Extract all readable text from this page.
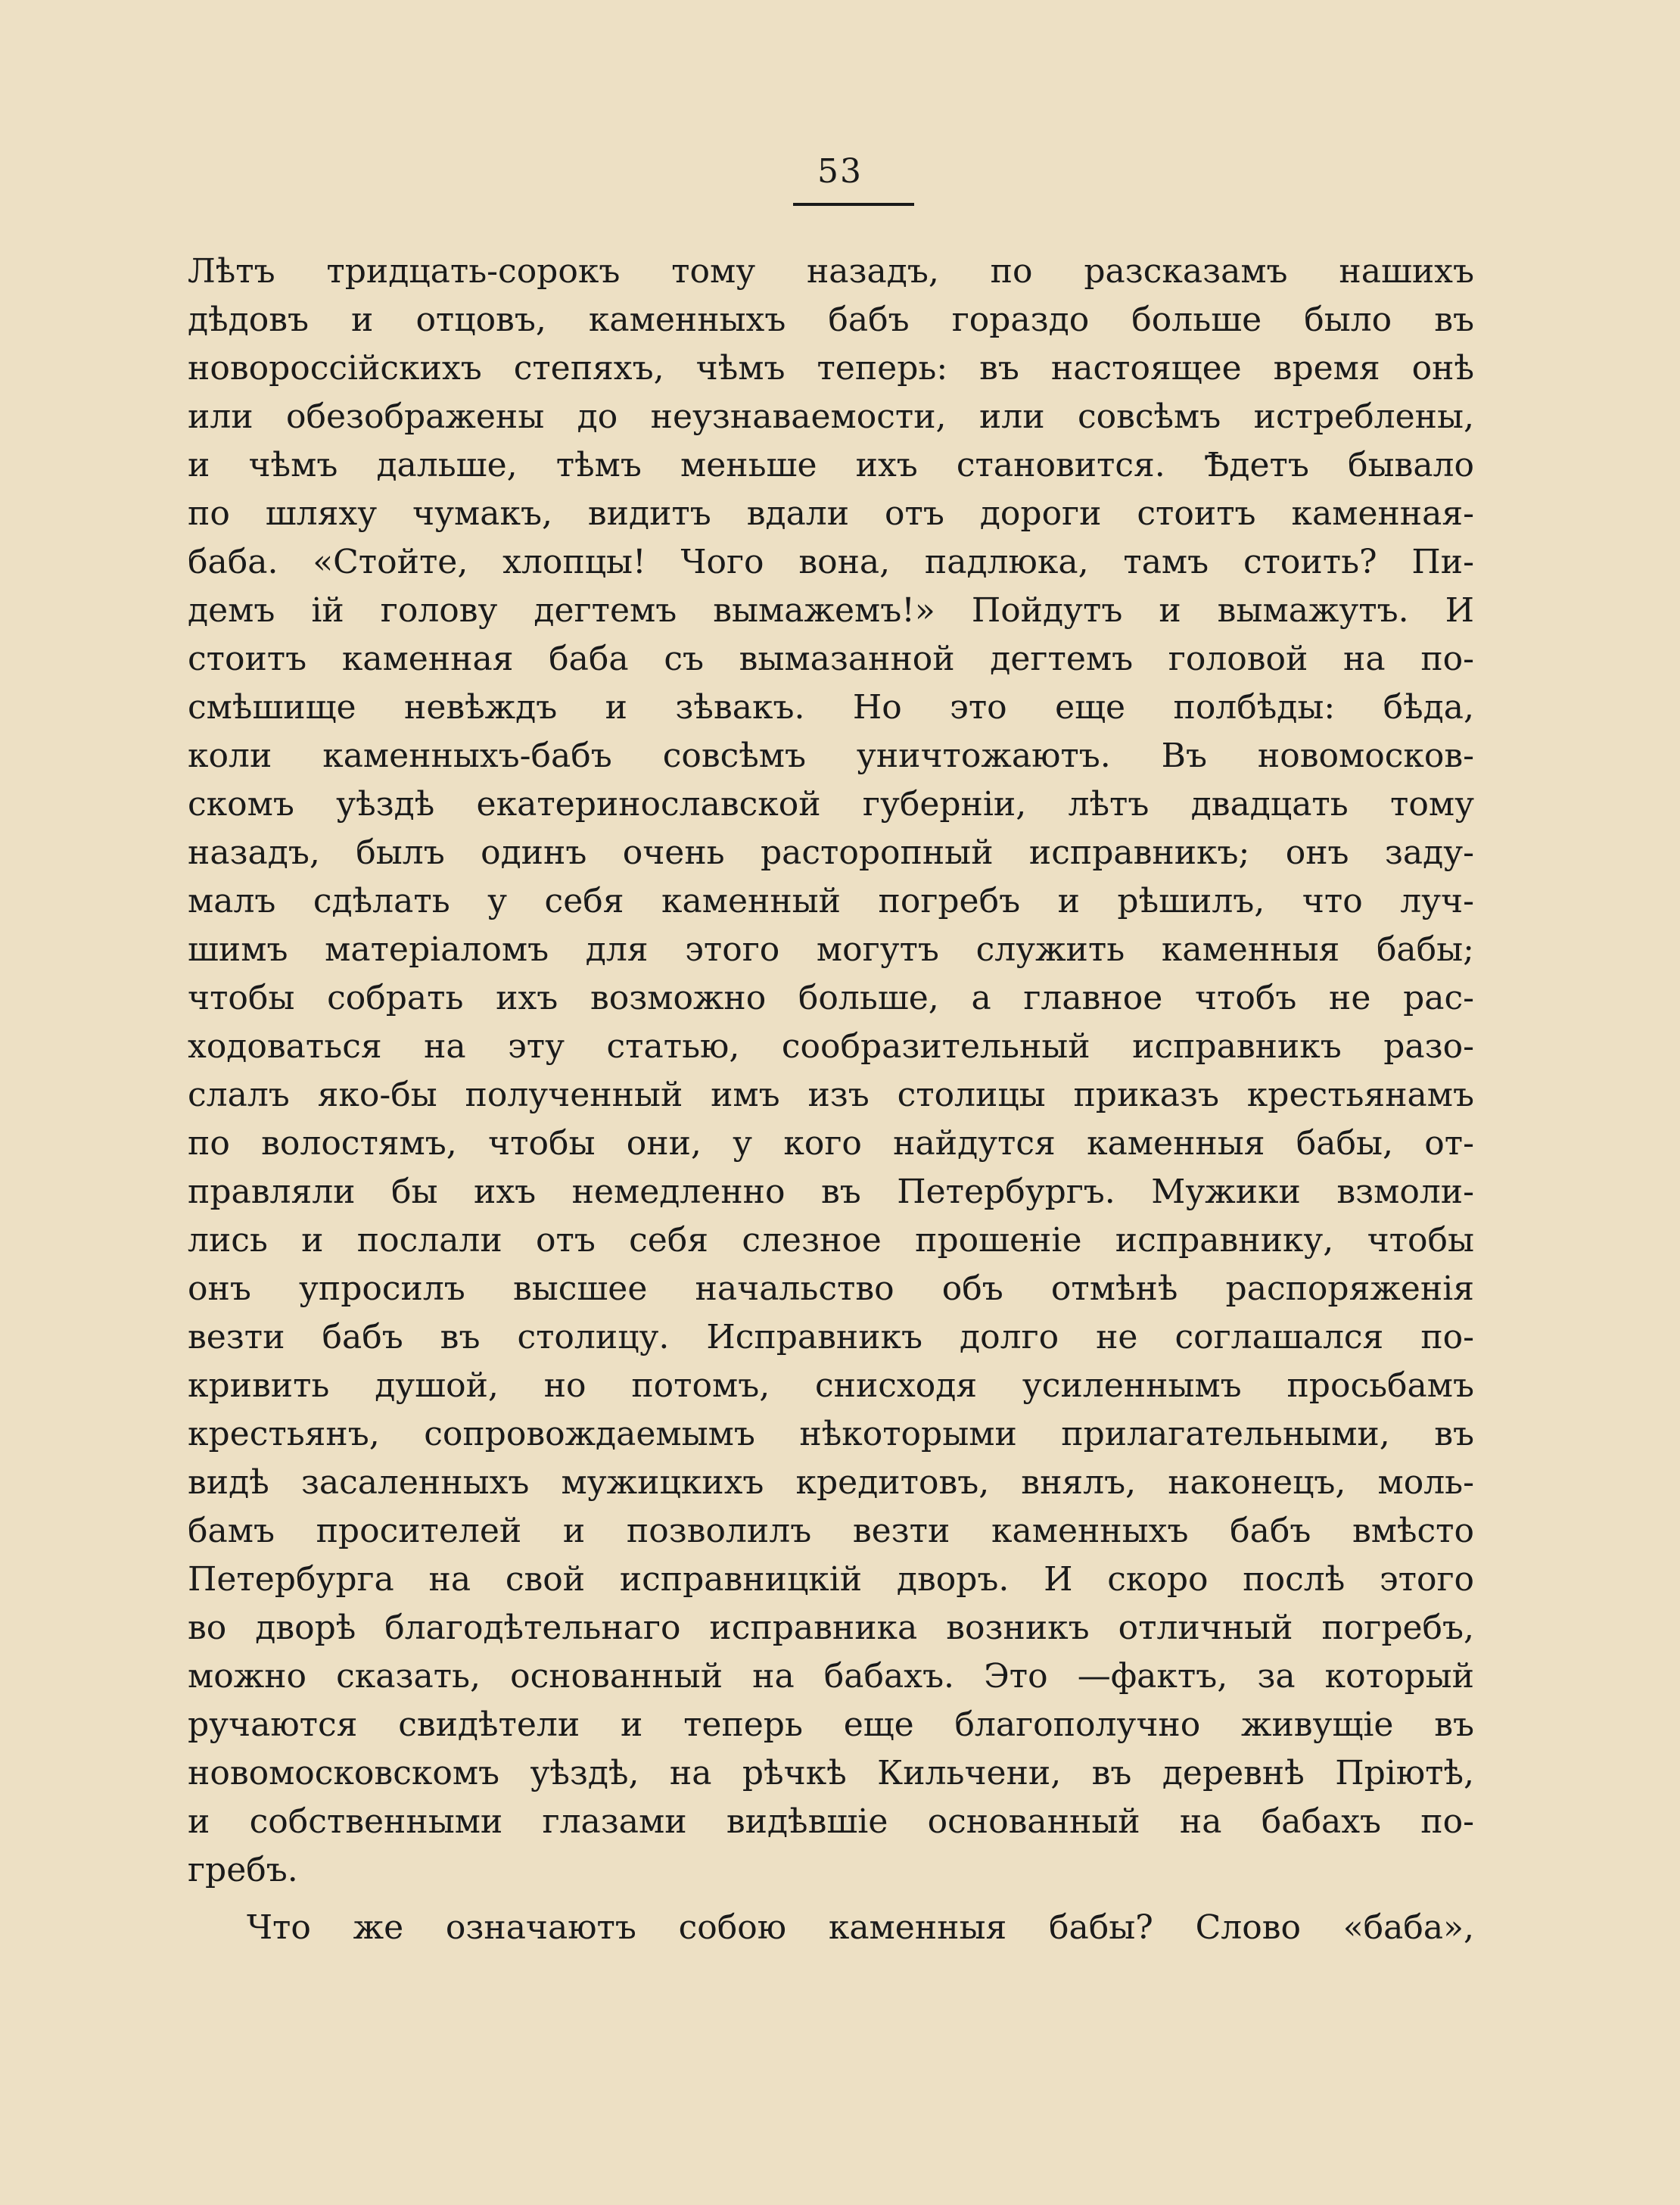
53
Лѣтъ тридцать-сорокъ тому назадъ, по разсказамъ нашихъ
дѣдовъ и отцовъ, каменныхъ бабъ гораздо больше было въ
новороссійскихъ степяхъ, чѣмъ теперь: въ настоящее время онѣ
или обезображены до неузнаваемости, или совсѣмъ истреблены,
и чѣмъ дальше, тѣмъ меньше ихъ становится. Ѣдетъ бывало
по шляху чумакъ, видитъ вдали отъ дороги стоитъ каменная-
баба. «Стойте, хлопцы! Чого вона, падлюка, тамъ стоить? Пи-
демъ ій голову дегтемъ вымажемъ!» Пойдутъ и вымажутъ. И
стоитъ каменная баба съ вымазанной дегтемъ головой на по-
смѣшище невѣждъ и зѣвакъ. Но это еще полбѣды: бѣда,
коли каменныхъ-бабъ совсѣмъ уничтожаютъ. Въ новомосков-
скомъ уѣздѣ екатеринославской губерніи, лѣтъ двадцать тому
назадъ, былъ одинъ очень расторопный исправникъ; онъ заду-
малъ сдѣлать у себя каменный погребъ и рѣшилъ, что луч-
шимъ матеріаломъ для этого могутъ служить каменныя бабы;
чтобы собрать ихъ возможно больше, а главное чтобъ не рас-
ходоваться на эту статью, сообразительный исправникъ разо-
слалъ яко-бы полученный имъ изъ столицы приказъ крестьянамъ
по волостямъ, чтобы они, у кого найдутся каменныя бабы, от-
правляли бы ихъ немедленно въ Петербургъ. Мужики взмоли-
лись и послали отъ себя слезное прошеніе исправнику, чтобы
онъ упросилъ высшее начальство объ отмѣнѣ распоряженія
везти бабъ въ столицу. Исправникъ долго не соглашался по-
кривить душой, но потомъ, снисходя усиленнымъ просьбамъ
крестьянъ, сопровождаемымъ нѣкоторыми прилагательными, въ
видѣ засаленныхъ мужицкихъ кредитовъ, внялъ, наконецъ, моль-
бамъ просителей и позволилъ везти каменныхъ бабъ вмѣсто
Петербурга на свой исправницкій дворъ. И скоро послѣ этого
во дворѣ благодѣтельнаго исправника возникъ отличный погребъ,
можно сказать, основанный на бабахъ. Это —фактъ, за который
ручаются свидѣтели и теперь еще благополучно живущіе въ
новомосковскомъ уѣздѣ, на рѣчкѣ Кильчени, въ деревнѣ Пріютѣ,
и собственными глазами видѣвшіе основанный на бабахъ по-
гребъ.
Что же означаютъ собою каменныя бабы? Слово «баба»,
